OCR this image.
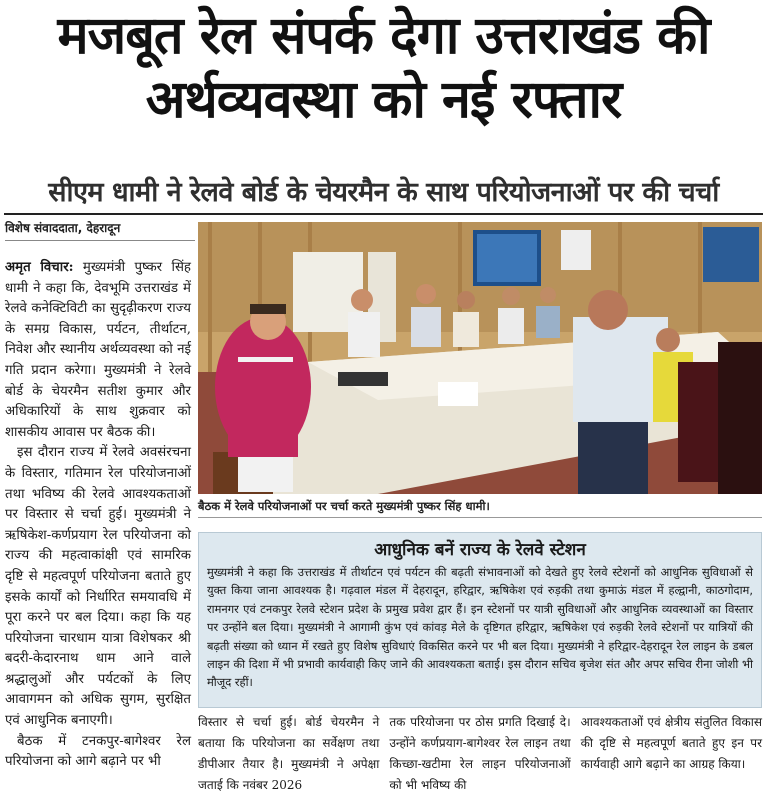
मजबूत रेल संपर्क देगा उत्तराखंड की अर्थव्यवस्था को नई रफ्तार
सीएम धामी ने रेलवे बोर्ड के चेयरमैन के साथ परियोजनाओं पर की चर्चा
विशेष संवाददाता, देहरादून

अमृत विचार: मुख्यमंत्री पुष्कर सिंह धामी ने कहा कि, देवभूमि उत्तराखंड में रेलवे कनेक्टिविटी का सुदृढ़ीकरण राज्य के समग्र विकास, पर्यटन, तीर्थाटन, निवेश और स्थानीय अर्थव्यवस्था को नई गति प्रदान करेगा। मुख्यमंत्री ने रेलवे बोर्ड के चेयरमैन सतीश कुमार और अधिकारियों के साथ शुक्रवार को शासकीय आवास पर बैठक की।

इस दौरान राज्य में रेलवे अवसंरचना के विस्तार, गतिमान रेल परियोजनाओं तथा भविष्य की रेलवे आवश्यकताओं पर विस्तार से चर्चा हुई। मुख्यमंत्री ने ऋषिकेश-कर्णप्रयाग रेल परियोजना को राज्य की महत्वाकांक्षी एवं सामरिक दृष्टि से महत्वपूर्ण परियोजना बताते हुए इसके कार्यों को निर्धारित समयावधि में पूरा करने पर बल दिया। कहा कि यह परियोजना चारधाम यात्रा विशेषकर श्री बदरी-केदारनाथ धाम आने वाले श्रद्धालुओं और पर्यटकों के लिए आवागमन को अधिक सुगम, सुरक्षित एवं आधुनिक बनाएगी।

बैठक में टनकपुर-बागेश्वर रेल परियोजना को आगे बढ़ाने पर भी

बैठक में रेलवे परियोजनाओं पर चर्चा करते मुख्यमंत्री पुष्कर सिंह धामी।
आधुनिक बनें राज्य के रेलवे स्टेशन
मुख्यमंत्री ने कहा कि उत्तराखंड में तीर्थाटन एवं पर्यटन की बढ़ती संभावनाओं को देखते हुए रेलवे स्टेशनों को आधुनिक सुविधाओं से युक्त किया जाना आवश्यक है। गढ़वाल मंडल में देहरादून, हरिद्वार, ऋषिकेश एवं रुड़की तथा कुमाऊं मंडल में हल्द्वानी, काठगोदाम, रामनगर एवं टनकपुर रेलवे स्टेशन प्रदेश के प्रमुख प्रवेश द्वार हैं। इन स्टेशनों पर यात्री सुविधाओं और आधुनिक व्यवस्थाओं का विस्तार पर उन्होंने बल दिया। मुख्यमंत्री ने आगामी कुंभ एवं कांवड़ मेले के दृष्टिगत हरिद्वार, ऋषिकेश एवं रुड़की रेलवे स्टेशनों पर यात्रियों की बढ़ती संख्या को ध्यान में रखते हुए विशेष सुविधाएं विकसित करने पर भी बल दिया। मुख्यमंत्री ने हरिद्वार-देहरादून रेल लाइन के डबल लाइन की दिशा में भी प्रभावी कार्यवाही किए जाने की आवश्यकता बताई। इस दौरान सचिव बृजेश संत और अपर सचिव रीना जोशी भी मौजूद रहीं।
विस्तार से चर्चा हुई। बोर्ड चेयरमैन ने बताया कि परियोजना का सर्वेक्षण तथा डीपीआर तैयार है। मुख्यमंत्री ने अपेक्षा जताई कि नवंबर 2026
तक परियोजना पर ठोस प्रगति दिखाई दे। उन्होंने कर्णप्रयाग-बागेश्वर रेल लाइन तथा किच्छा-खटीमा रेल लाइन परियोजनाओं को भी भविष्य की
आवश्यकताओं एवं क्षेत्रीय संतुलित विकास की दृष्टि से महत्वपूर्ण बताते हुए इन पर कार्यवाही आगे बढ़ाने का आग्रह किया।
